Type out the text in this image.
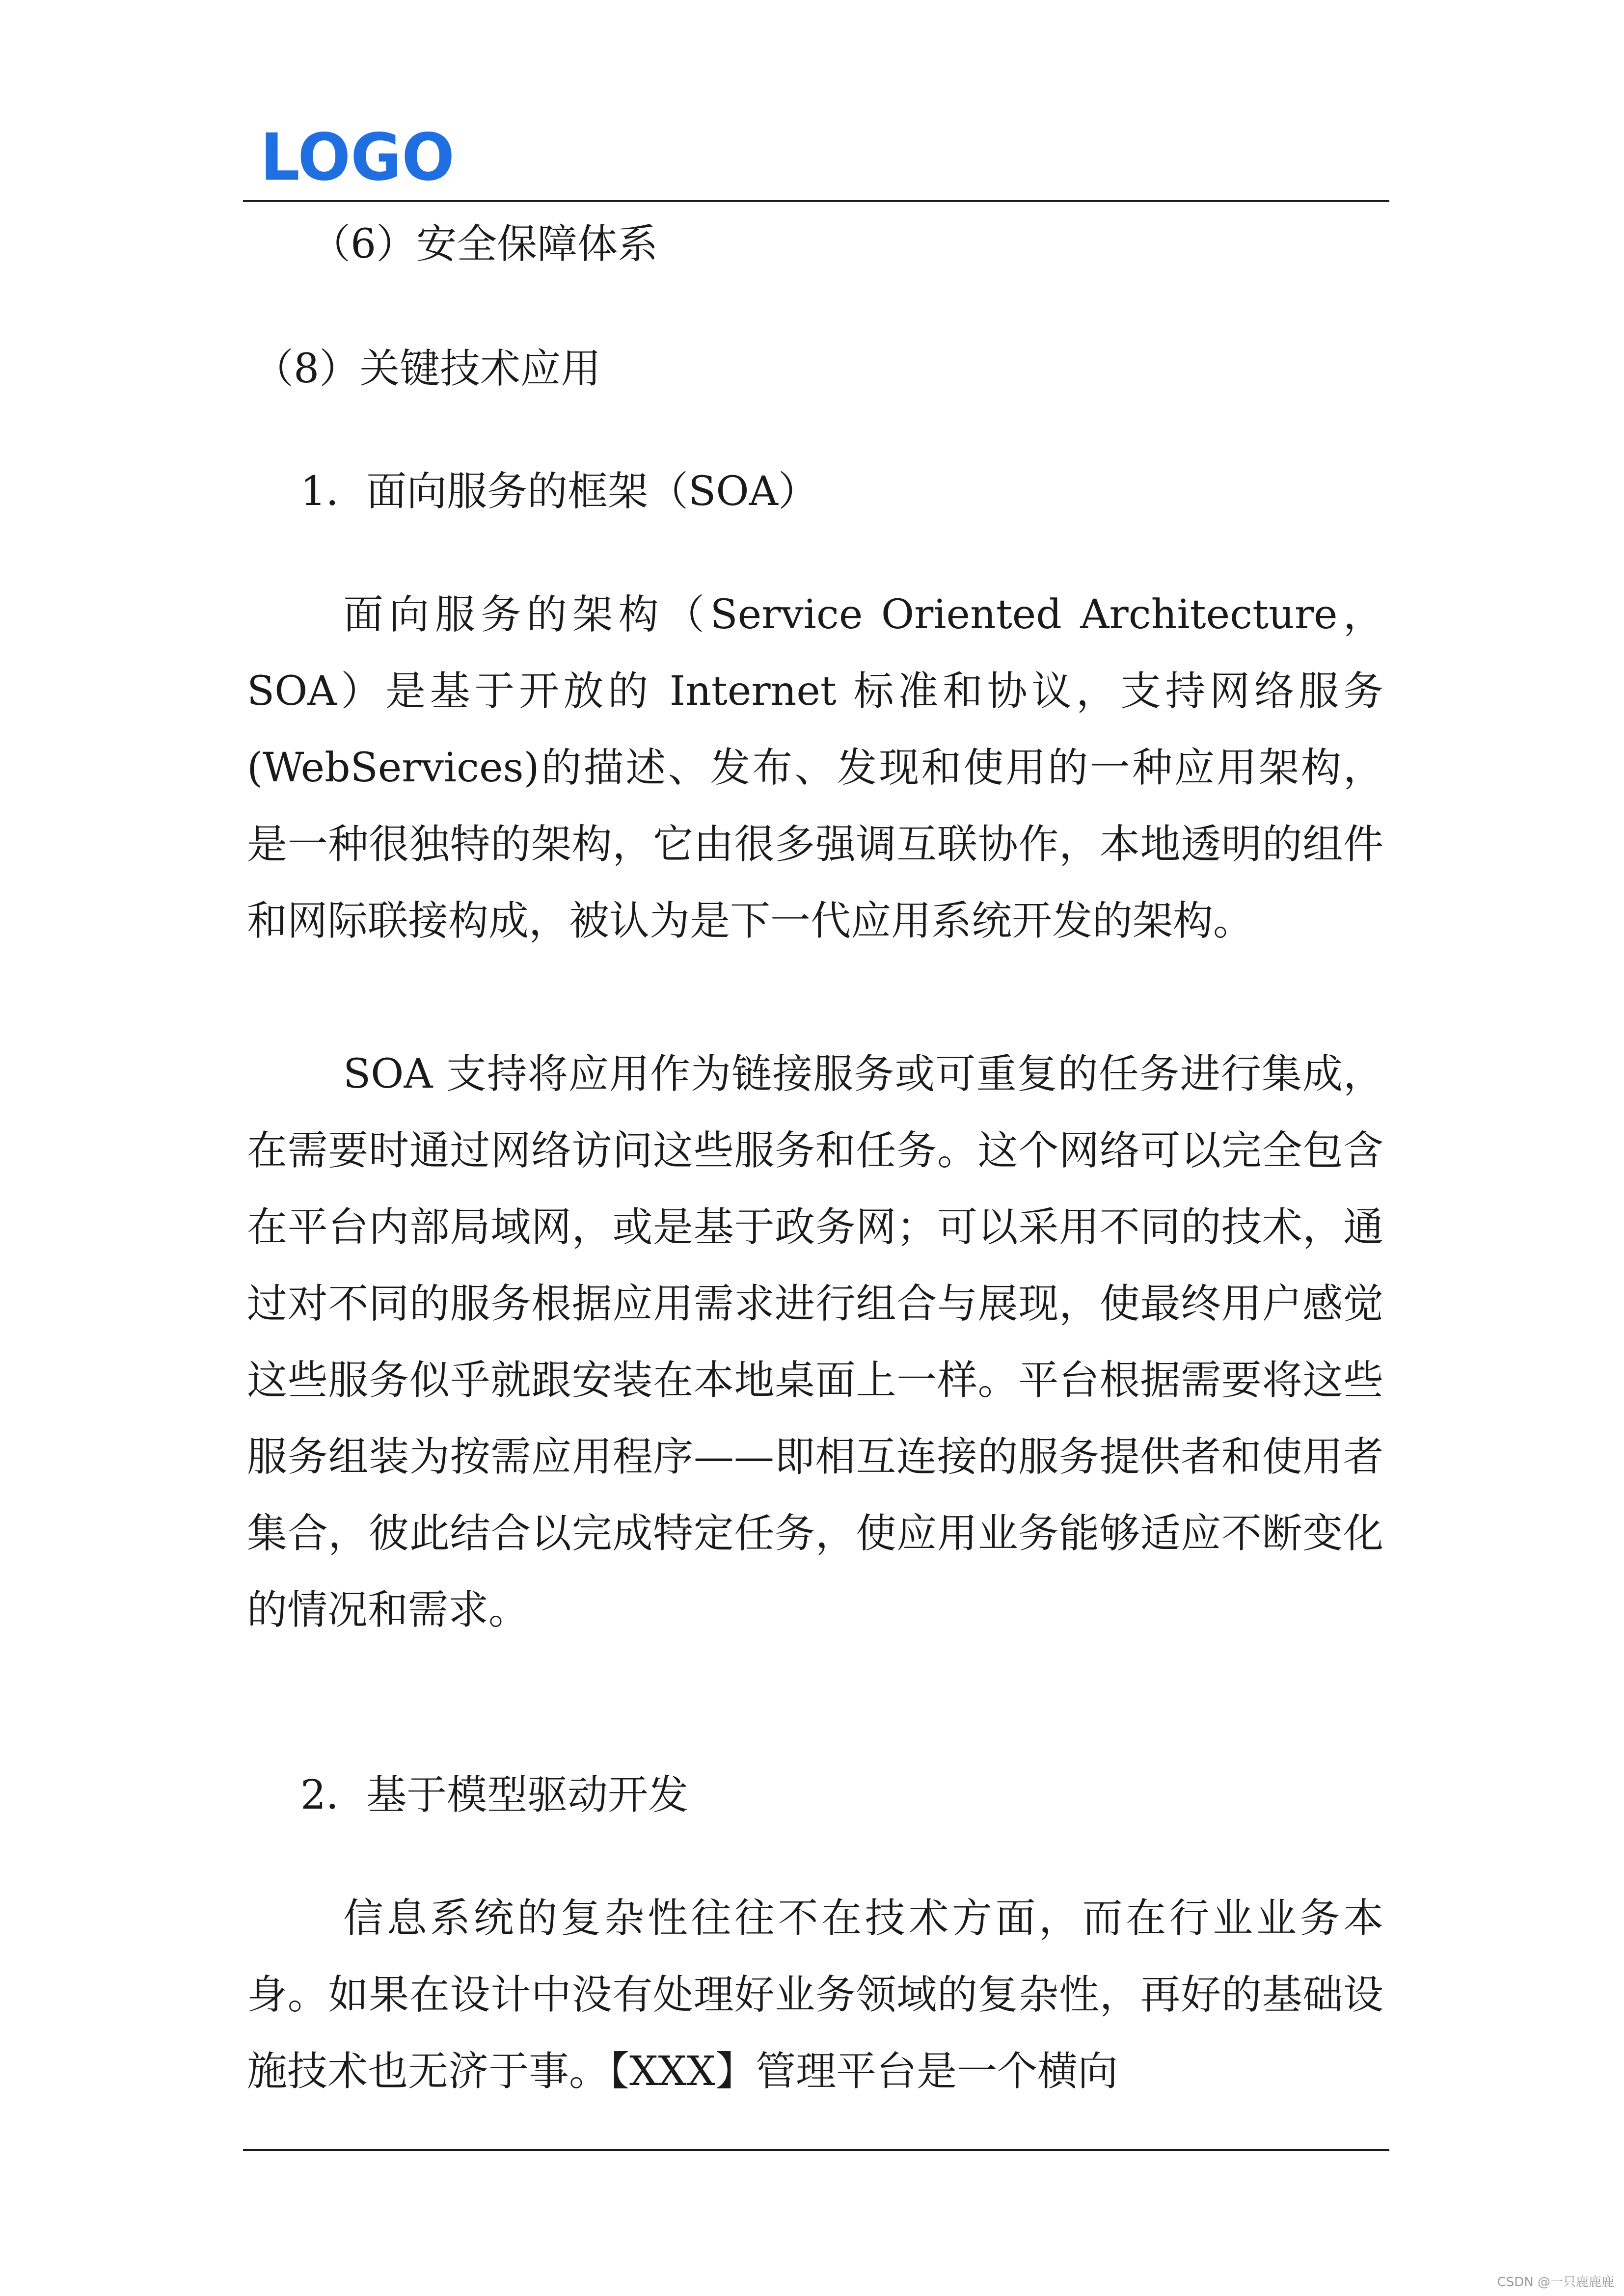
LOGO
（6）安全保障体系
（8）关键技术应用
1．面向服务的框架（SOA）

面向服务的架构（Service Oriented Architecture，SOA）是基于开放的 Internet 标准和协议，支持网络服务(WebServices)的描述、发布、发现和使用的一种应用架构，是一种很独特的架构，它由很多强调互联协作，本地透明的组件和网际联接构成，被认为是下一代应用系统开发的架构。

SOA 支持将应用作为链接服务或可重复的任务进行集成，在需要时通过网络访问这些服务和任务。这个网络可以完全包含在平台内部局域网，或是基于政务网；可以采用不同的技术，通过对不同的服务根据应用需求进行组合与展现，使最终用户感觉这些服务似乎就跟安装在本地桌面上一样。平台根据需要将这些服务组装为按需应用程序——即相互连接的服务提供者和使用者集合，彼此结合以完成特定任务，使应用业务能够适应不断变化的情况和需求。

2．基于模型驱动开发

信息系统的复杂性往往不在技术方面，而在行业业务本身。如果在设计中没有处理好业务领域的复杂性，再好的基础设施技术也无济于事。【XXX】管理平台是一个横向

CSDN @一只鹿鹿鹿
